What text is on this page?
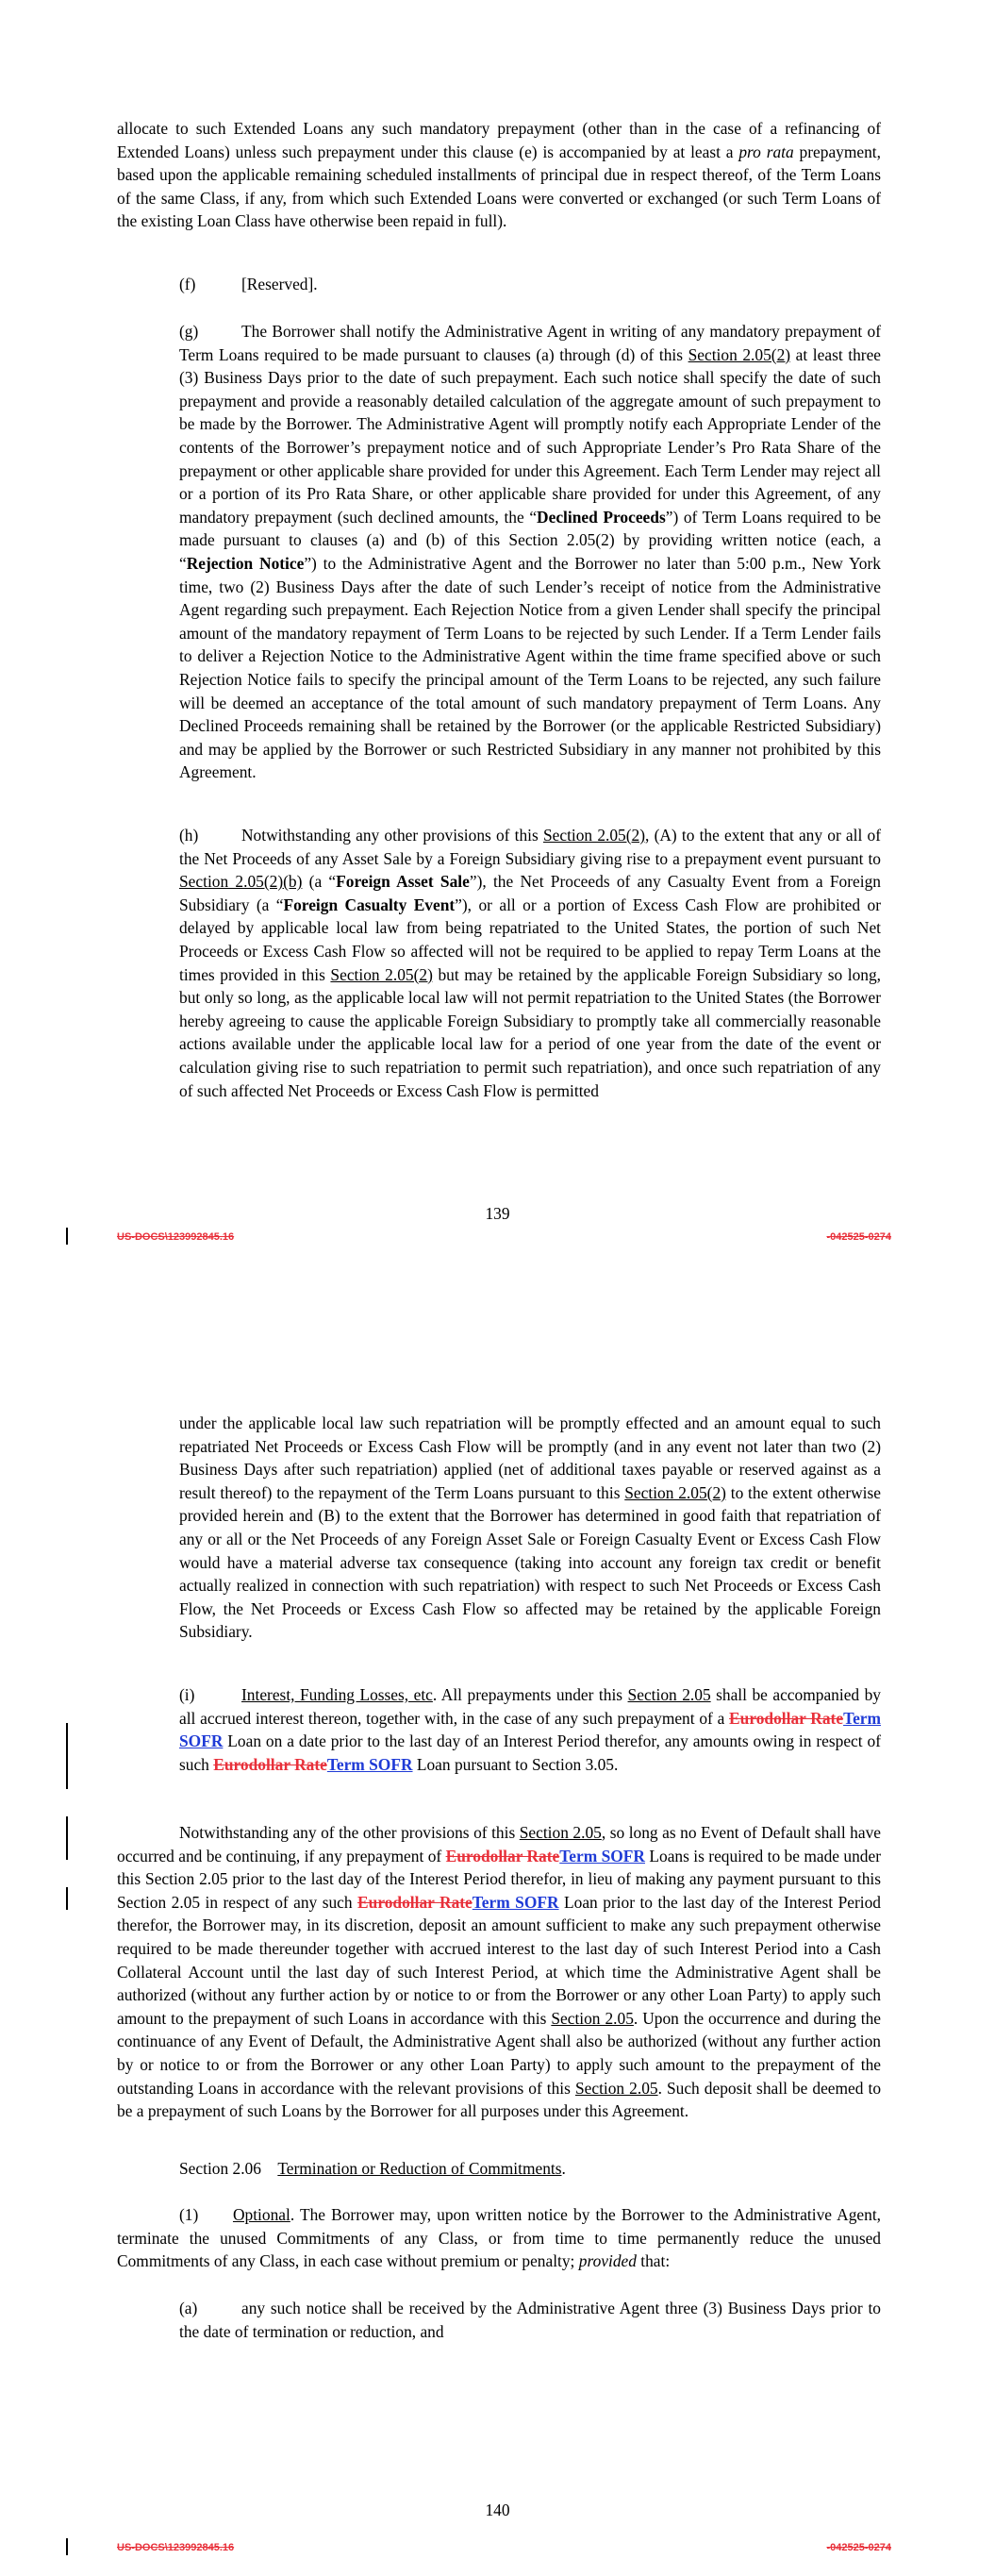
allocate to such Extended Loans any such mandatory prepayment (other than in the case of a refinancing of Extended Loans) unless such prepayment under this clause (e) is accompanied by at least a pro rata prepayment, based upon the applicable remaining scheduled installments of principal due in respect thereof, of the Term Loans of the same Class, if any, from which such Extended Loans were converted or exchanged (or such Term Loans of the existing Loan Class have otherwise been repaid in full).

(f)	[Reserved].

(g)	The Borrower shall notify the Administrative Agent in writing of any mandatory prepayment of Term Loans required to be made pursuant to clauses (a) through (d) of this Section 2.05(2) at least three (3) Business Days prior to the date of such prepayment. Each such notice shall specify the date of such prepayment and provide a reasonably detailed calculation of the aggregate amount of such prepayment to be made by the Borrower. The Administrative Agent will promptly notify each Appropriate Lender of the contents of the Borrower’s prepayment notice and of such Appropriate Lender’s Pro Rata Share of the prepayment or other applicable share provided for under this Agreement. Each Term Lender may reject all or a portion of its Pro Rata Share, or other applicable share provided for under this Agreement, of any mandatory prepayment (such declined amounts, the “Declined Proceeds”) of Term Loans required to be made pursuant to clauses (a) and (b) of this Section 2.05(2) by providing written notice (each, a “Rejection Notice”) to the Administrative Agent and the Borrower no later than 5:00 p.m., New York time, two (2) Business Days after the date of such Lender’s receipt of notice from the Administrative Agent regarding such prepayment. Each Rejection Notice from a given Lender shall specify the principal amount of the mandatory repayment of Term Loans to be rejected by such Lender. If a Term Lender fails to deliver a Rejection Notice to the Administrative Agent within the time frame specified above or such Rejection Notice fails to specify the principal amount of the Term Loans to be rejected, any such failure will be deemed an acceptance of the total amount of such mandatory prepayment of Term Loans. Any Declined Proceeds remaining shall be retained by the Borrower (or the applicable Restricted Subsidiary) and may be applied by the Borrower or such Restricted Subsidiary in any manner not prohibited by this Agreement.

(h)	Notwithstanding any other provisions of this Section 2.05(2), (A) to the extent that any or all of the Net Proceeds of any Asset Sale by a Foreign Subsidiary giving rise to a prepayment event pursuant to Section 2.05(2)(b) (a “Foreign Asset Sale”), the Net Proceeds of any Casualty Event from a Foreign Subsidiary (a “Foreign Casualty Event”), or all or a portion of Excess Cash Flow are prohibited or delayed by applicable local law from being repatriated to the United States, the portion of such Net Proceeds or Excess Cash Flow so affected will not be required to be applied to repay Term Loans at the times provided in this Section 2.05(2) but may be retained by the applicable Foreign Subsidiary so long, but only so long, as the applicable local law will not permit repatriation to the United States (the Borrower hereby agreeing to cause the applicable Foreign Subsidiary to promptly take all commercially reasonable actions available under the applicable local law for a period of one year from the date of the event or calculation giving rise to such repatriation to permit such repatriation), and once such repatriation of any of such affected Net Proceeds or Excess Cash Flow is permitted

139
US-DOCS\123992845.16	-042525-0274

under the applicable local law such repatriation will be promptly effected and an amount equal to such repatriated Net Proceeds or Excess Cash Flow will be promptly (and in any event not later than two (2) Business Days after such repatriation) applied (net of additional taxes payable or reserved against as a result thereof) to the repayment of the Term Loans pursuant to this Section 2.05(2) to the extent otherwise provided herein and (B) to the extent that the Borrower has determined in good faith that repatriation of any or all or the Net Proceeds of any Foreign Asset Sale or Foreign Casualty Event or Excess Cash Flow would have a material adverse tax consequence (taking into account any foreign tax credit or benefit actually realized in connection with such repatriation) with respect to such Net Proceeds or Excess Cash Flow, the Net Proceeds or Excess Cash Flow so affected may be retained by the applicable Foreign Subsidiary.

(i)	Interest, Funding Losses, etc. All prepayments under this Section 2.05 shall be accompanied by all accrued interest thereon, together with, in the case of any such prepayment of a Eurodollar RateTerm SOFR Loan on a date prior to the last day of an Interest Period therefor, any amounts owing in respect of such Eurodollar RateTerm SOFR Loan pursuant to Section 3.05.

Notwithstanding any of the other provisions of this Section 2.05, so long as no Event of Default shall have occurred and be continuing, if any prepayment of Eurodollar RateTerm SOFR Loans is required to be made under this Section 2.05 prior to the last day of the Interest Period therefor, in lieu of making any payment pursuant to this Section 2.05 in respect of any such Eurodollar RateTerm SOFR Loan prior to the last day of the Interest Period therefor, the Borrower may, in its discretion, deposit an amount sufficient to make any such prepayment otherwise required to be made thereunder together with accrued interest to the last day of such Interest Period into a Cash Collateral Account until the last day of such Interest Period, at which time the Administrative Agent shall be authorized (without any further action by or notice to or from the Borrower or any other Loan Party) to apply such amount to the prepayment of such Loans in accordance with this Section 2.05. Upon the occurrence and during the continuance of any Event of Default, the Administrative Agent shall also be authorized (without any further action by or notice to or from the Borrower or any other Loan Party) to apply such amount to the prepayment of the outstanding Loans in accordance with the relevant provisions of this Section 2.05. Such deposit shall be deemed to be a prepayment of such Loans by the Borrower for all purposes under this Agreement.

Section 2.06 Termination or Reduction of Commitments.

(1) Optional. The Borrower may, upon written notice by the Borrower to the Administrative Agent, terminate the unused Commitments of any Class, or from time to time permanently reduce the unused Commitments of any Class, in each case without premium or penalty; provided that:

(a)	any such notice shall be received by the Administrative Agent three (3) Business Days prior to the date of termination or reduction, and

140
US-DOCS\123992845.16	-042525-0274
